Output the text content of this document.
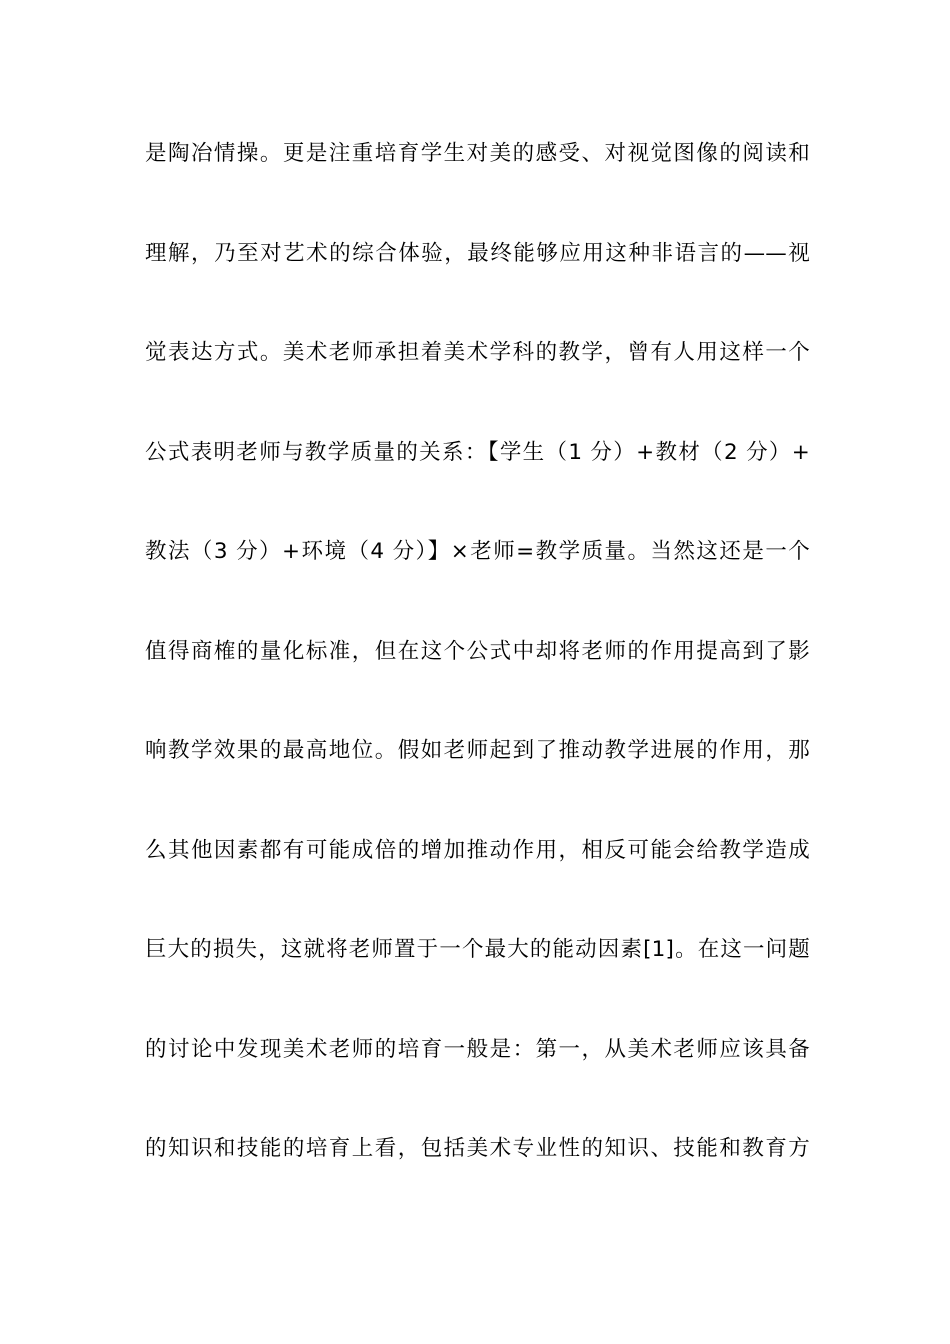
是陶冶情操。更是注重培育学生对美的感受、对视觉图像的阅读和
理解，乃至对艺术的综合体验，最终能够应用这种非语言的——视
觉表达方式。美术老师承担着美术学科的教学，曾有人用这样一个
公式表明老师与教学质量的关系：【学生（1 分）+教材（2 分）+
教法（3 分）+环境（4 分）】×老师=教学质量。当然这还是一个
值得商榷的量化标准，但在这个公式中却将老师的作用提高到了影
响教学效果的最高地位。假如老师起到了推动教学进展的作用，那
么其他因素都有可能成倍的增加推动作用，相反可能会给教学造成
巨大的损失，这就将老师置于一个最大的能动因素[1]。在这一问题
的讨论中发现美术老师的培育一般是：第一，从美术老师应该具备
的知识和技能的培育上看，包括美术专业性的知识、技能和教育方
